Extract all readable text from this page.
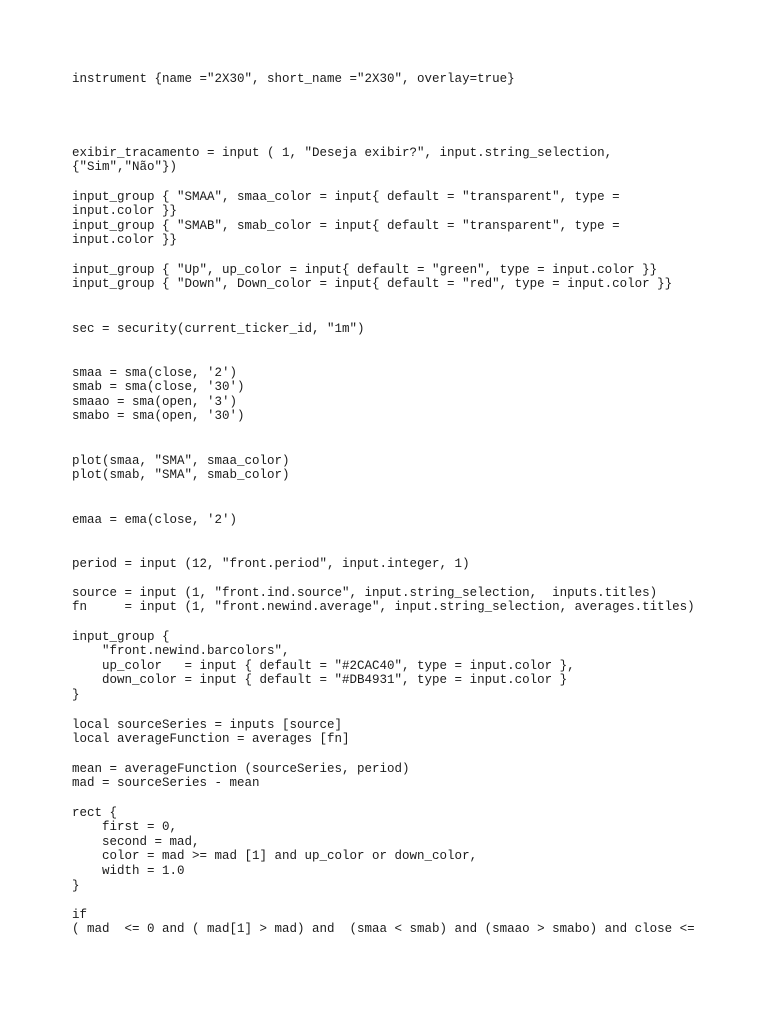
instrument {name ="2X30", short_name ="2X30", overlay=true}
exibir_tracamento = input ( 1, "Deseja exibir?", input.string_selection,
{"Sim","Não"})
input_group { "SMAA", smaa_color = input{ default = "transparent", type =
input.color }}
input_group { "SMAB", smab_color = input{ default = "transparent", type =
input.color }}
input_group { "Up", up_color = input{ default = "green", type = input.color }}
input_group { "Down", Down_color = input{ default = "red", type = input.color }}
sec = security(current_ticker_id, "1m")
smaa = sma(close, '2')
smab = sma(close, '30')
smaao = sma(open, '3')
smabo = sma(open, '30')
plot(smaa, "SMA", smaa_color)
plot(smab, "SMA", smab_color)
emaa = ema(close, '2')
period = input (12, "front.period", input.integer, 1)
source = input (1, "front.ind.source", input.string_selection,  inputs.titles)
fn     = input (1, "front.newind.average", input.string_selection, averages.titles)
input_group {
"front.newind.barcolors",
up_color   = input { default = "#2CAC40", type = input.color },
down_color = input { default = "#DB4931", type = input.color }
}
local sourceSeries = inputs [source]
local averageFunction = averages [fn]
mean = averageFunction (sourceSeries, period)
mad = sourceSeries - mean
rect {
first = 0,
second = mad,
color = mad >= mad [1] and up_color or down_color,
width = 1.0
}
if
( mad  <= 0 and ( mad[1] > mad) and  (smaa < smab) and (smaao > smabo) and close <=
